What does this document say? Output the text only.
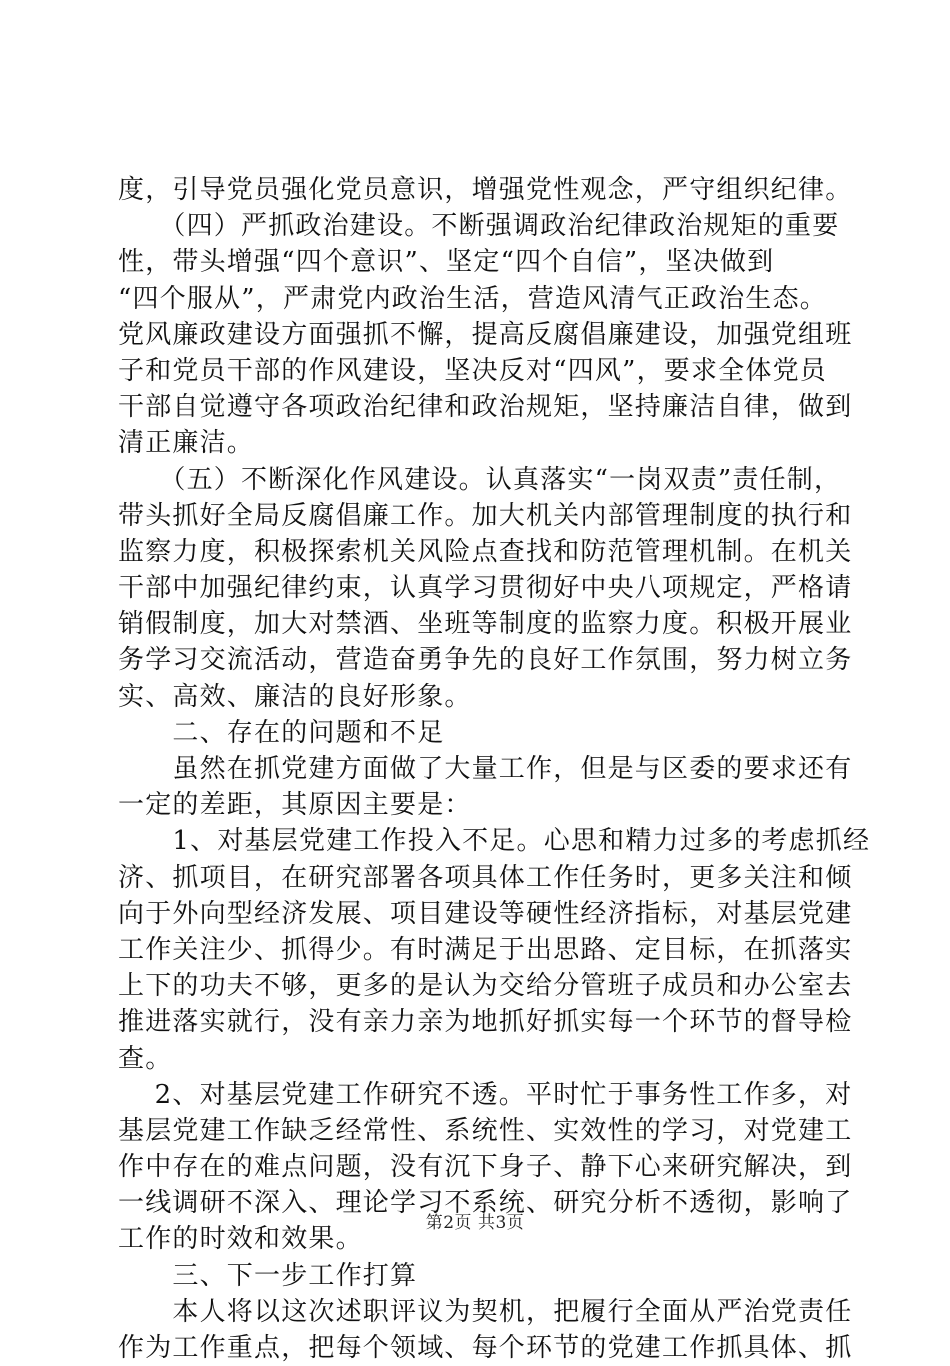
度，引导党员强化党员意识，增强党性观念，严守组织纪律。
　　（四）严抓政治建设。不断强调政治纪律政治规矩的重要
性，带头增强“四个意识”、坚定“四个自信”，坚决做到
“四个服从”，严肃党内政治生活，营造风清气正政治生态。
党风廉政建设方面强抓不懈，提高反腐倡廉建设，加强党组班
子和党员干部的作风建设，坚决反对“四风”，要求全体党员
干部自觉遵守各项政治纪律和政治规矩，坚持廉洁自律，做到
清正廉洁。
　　（五）不断深化作风建设。认真落实“一岗双责”责任制，
带头抓好全局反腐倡廉工作。加大机关内部管理制度的执行和
监察力度，积极探索机关风险点查找和防范管理机制。在机关
干部中加强纪律约束，认真学习贯彻好中央八项规定，严格请
销假制度，加大对禁酒、坐班等制度的监察力度。积极开展业
务学习交流活动，营造奋勇争先的良好工作氛围，努力树立务
实、高效、廉洁的良好形象。
　　二、存在的问题和不足
　　虽然在抓党建方面做了大量工作，但是与区委的要求还有
一定的差距，其原因主要是：
　　1、对基层党建工作投入不足。心思和精力过多的考虑抓经
济、抓项目，在研究部署各项具体工作任务时，更多关注和倾
向于外向型经济发展、项目建设等硬性经济指标，对基层党建
工作关注少、抓得少。有时满足于出思路、定目标，在抓落实
上下的功夫不够，更多的是认为交给分管班子成员和办公室去
推进落实就行，没有亲力亲为地抓好抓实每一个环节的督导检
查。
　 2、对基层党建工作研究不透。平时忙于事务性工作多，对
基层党建工作缺乏经常性、系统性、实效性的学习，对党建工
作中存在的难点问题，没有沉下身子、静下心来研究解决，到
一线调研不深入、理论学习不系统、研究分析不透彻，影响了
工作的时效和效果。
　　三、下一步工作打算
　　本人将以这次述职评议为契机，把履行全面从严治党责任
作为工作重点，把每个领域、每个环节的党建工作抓具体、抓
第2页 共3页
